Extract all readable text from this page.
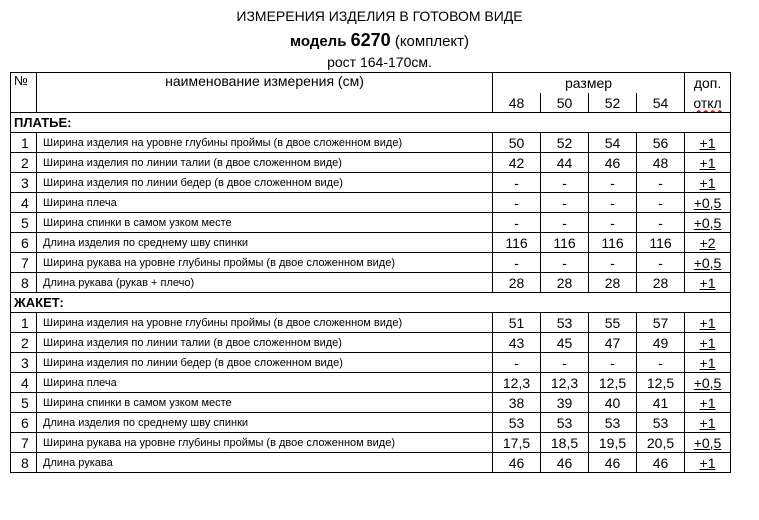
ИЗМЕРЕНИЯ ИЗДЕЛИЯ В ГОТОВОМ ВИДЕ
модель 6270 (комплект)
рост 164-170см.
№	наименование измерения (см)	размер				доп.
		48	50	52	54	откл
ПЛАТЬЕ:						
1	Ширина изделия на уровне глубины проймы (в двое сложенном виде)	50	52	54	56	+1
2	Ширина изделия по линии талии (в двое сложенном виде)	42	44	46	48	+1
3	Ширина изделия по линии бедер (в двое сложенном виде)	-	-	-	-	+1
4	Ширина плеча	-	-	-	-	+0,5
5	Ширина спинки в самом узком месте	-	-	-	-	+0,5
6	Длина изделия по среднему шву спинки	116	116	116	116	+2
7	Ширина рукава на уровне глубины проймы (в двое сложенном виде)	-	-	-	-	+0,5
8	Длина рукава (рукав + плечо)	28	28	28	28	+1
ЖАКЕТ:						
1	Ширина изделия на уровне глубины проймы (в двое сложенном виде)	51	53	55	57	+1
2	Ширина изделия по линии талии (в двое сложенном виде)	43	45	47	49	+1
3	Ширина изделия по линии бедер (в двое сложенном виде)	-	-	-	-	+1
4	Ширина плеча	12,3	12,3	12,5	12,5	+0,5
5	Ширина спинки в самом узком месте	38	39	40	41	+1
6	Длина изделия по среднему шву спинки	53	53	53	53	+1
7	Ширина рукава на уровне глубины проймы (в двое сложенном виде)	17,5	18,5	19,5	20,5	+0,5
8	Длина рукава	46	46	46	46	+1
